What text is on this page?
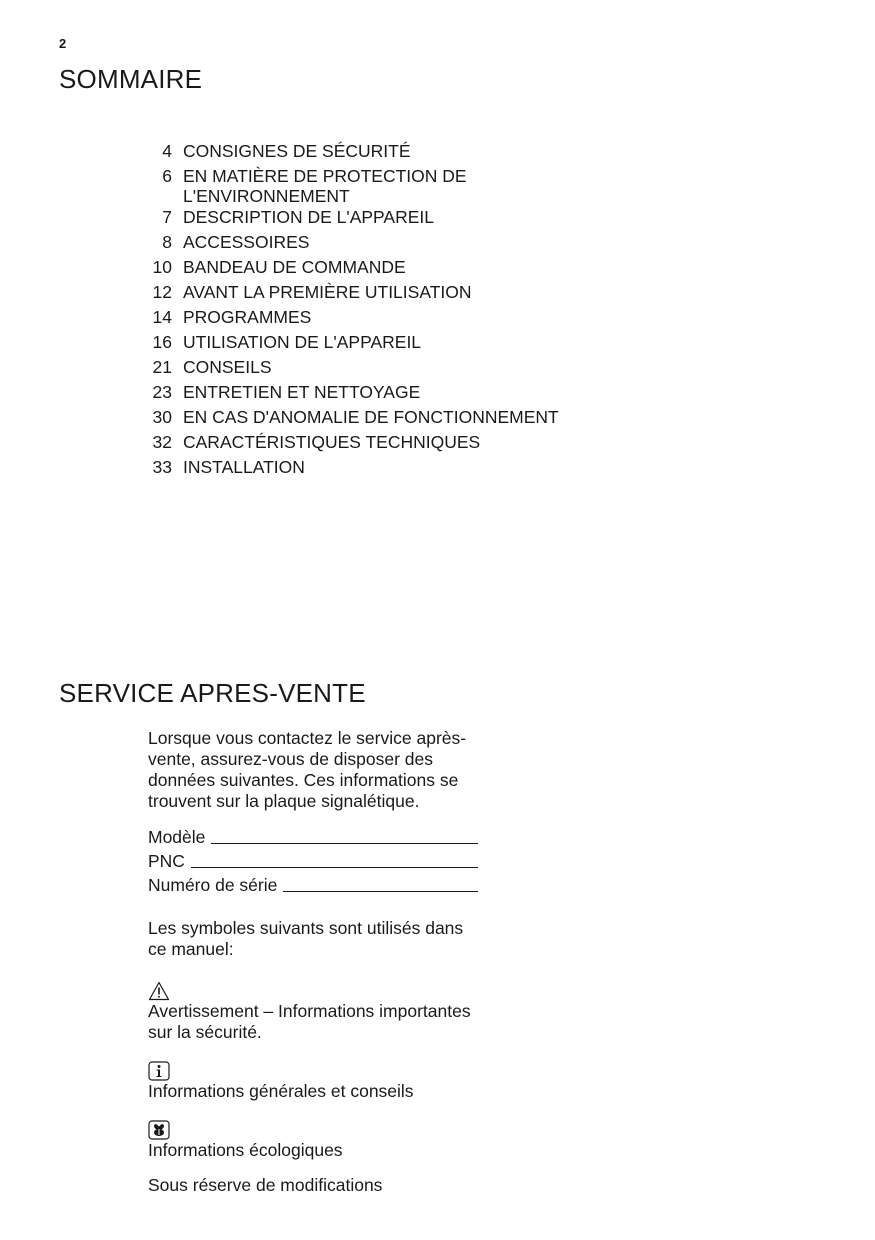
2
SOMMAIRE
4 CONSIGNES DE SÉCURITÉ
6 EN MATIÈRE DE PROTECTION DE L'ENVIRONNEMENT
7 DESCRIPTION DE L'APPAREIL
8 ACCESSOIRES
10 BANDEAU DE COMMANDE
12 AVANT LA PREMIÈRE UTILISATION
14 PROGRAMMES
16 UTILISATION DE L'APPAREIL
21 CONSEILS
23 ENTRETIEN ET NETTOYAGE
30 EN CAS D'ANOMALIE DE FONCTIONNEMENT
32 CARACTÉRISTIQUES TECHNIQUES
33 INSTALLATION
SERVICE APRES-VENTE

Lorsque vous contactez le service après-vente, assurez-vous de disposer des données suivantes. Ces informations se trouvent sur la plaque signalétique.

Modèle
PNC
Numéro de série

Les symboles suivants sont utilisés dans ce manuel:

Avertissement – Informations importantes sur la sécurité.

Informations générales et conseils

Informations écologiques

Sous réserve de modifications
